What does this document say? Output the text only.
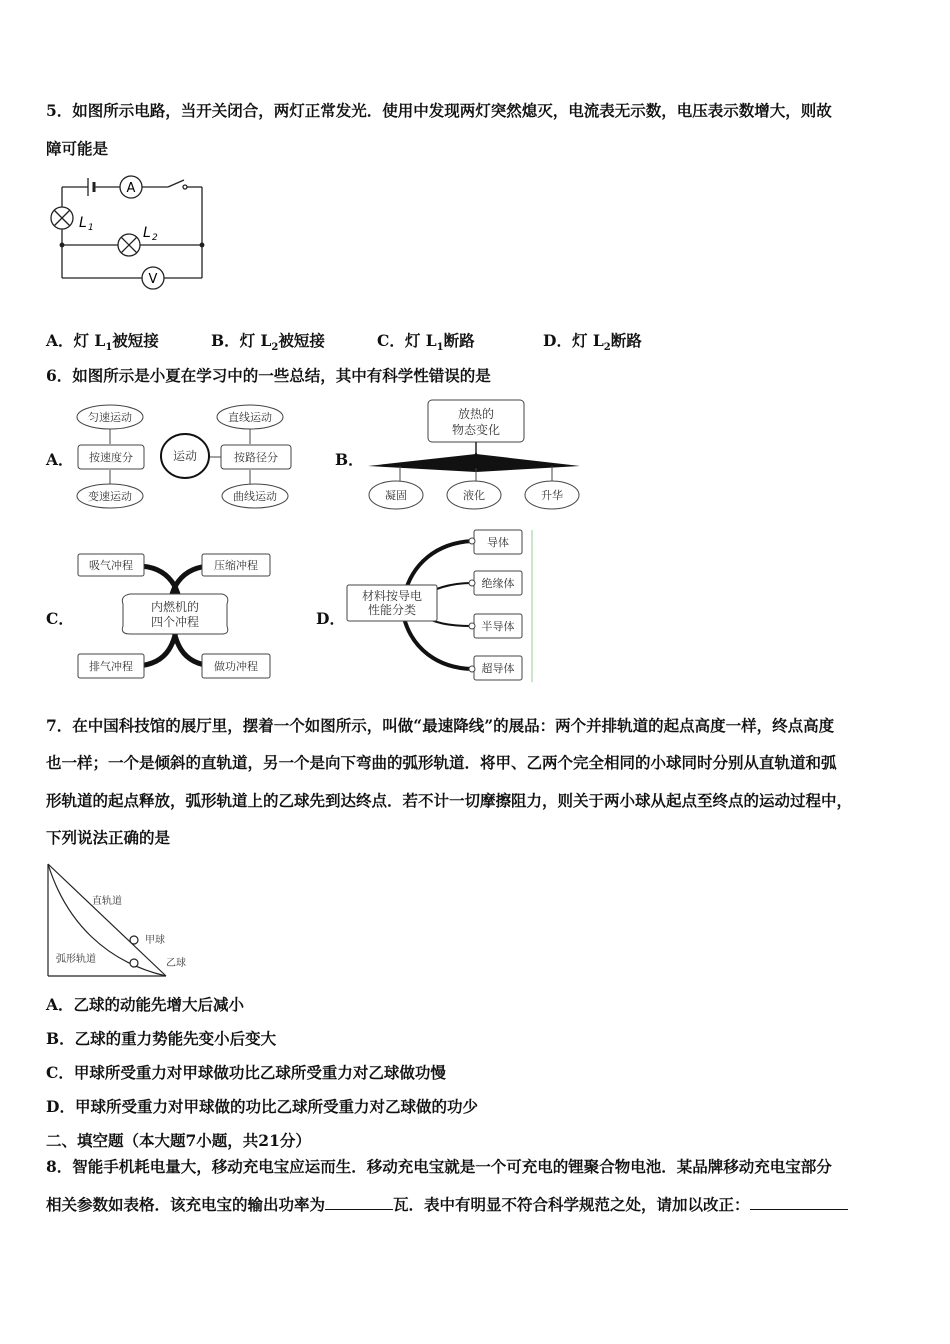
5．如图所示电路，当开关闭合，两灯正常发光．使用中发现两灯突然熄灭，电流表无示数，电压表示数增大，则故
障可能是
A
V
L 1	L 2
A．灯 $L_1$被短接	B．灯 $L_2$被短接	C．灯 $L_1$断路	D．灯 $L_2$断路
6．如图所示是小夏在学习中的一些总结，其中有科学性错误的是
A．
匀速运动
按速度分
变速运动
运动	按路径分
直线运动
曲线运动
B．
放热的
物态变化
凝固	液化	升华
C．
吸气冲程	压缩冲程
内燃机的
四个冲程
排气冲程	做功冲程
D．
材料按导电
性能分类
导体
绝缘体
半导体
超导体
7．在中国科技馆的展厅里，摆着一个如图所示，叫做“最速降线”的展品：两个并排轨道的起点高度一样，终点高度
也一样；一个是倾斜的直轨道，另一个是向下弯曲的弧形轨道．将甲、乙两个完全相同的小球同时分别从直轨道和弧
形轨道的起点释放，弧形轨道上的乙球先到达终点．若不计一切摩擦阻力，则关于两小球从起点至终点的运动过程中，
下列说法正确的是
直轨道
甲球
弧形轨道	乙球
A．乙球的动能先增大后减小
B．乙球的重力势能先变小后变大
C．甲球所受重力对甲球做功比乙球所受重力对乙球做功慢
D．甲球所受重力对甲球做的功比乙球所受重力对乙球做的功少
二、填空题（本大题7小题，共21分）
8．智能手机耗电量大，移动充电宝应运而生．移动充电宝就是一个可充电的锂聚合物电池．某品牌移动充电宝部分
相关参数如表格．该充电宝的输出功率为	瓦．表中有明显不符合科学规范之处，请加以改正：
